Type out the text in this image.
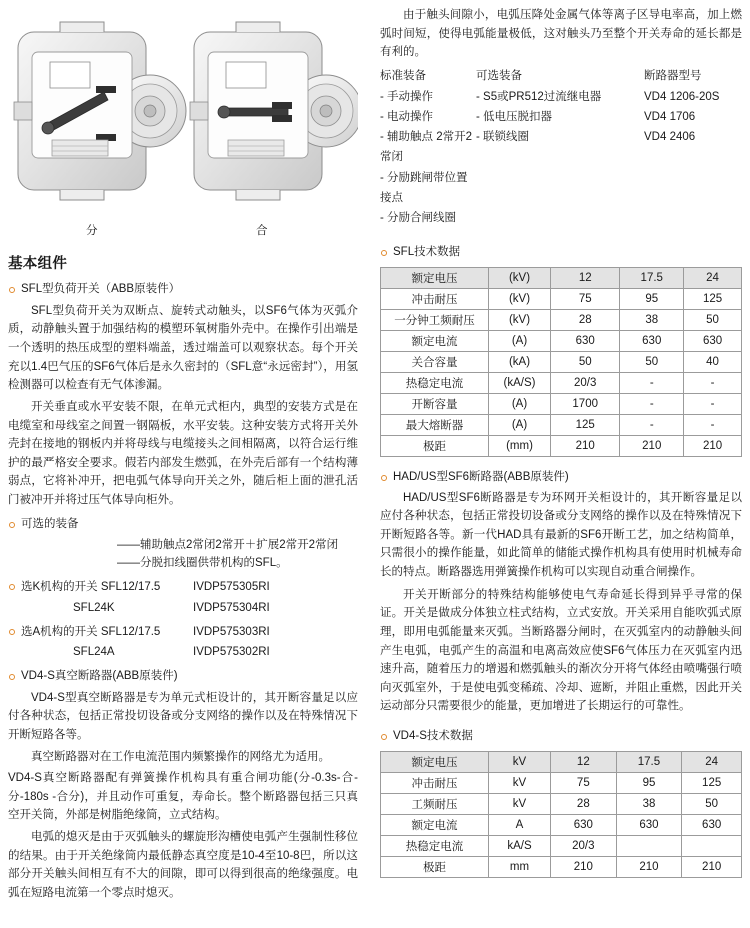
分	合
基本组件
SFL型负荷开关（ABB原装件）

SFL型负荷开关为双断点、旋转式动触头，以SF6气体为灭弧介质，动静触头置于加强结构的模塑环氧树脂外壳中。在操作引出端是一个透明的热压成型的塑料端盖，透过端盖可以观察状态。每个开关充以1.4巴气压的SF6气体后是永久密封的（SFL意“永远密封”），用氢检测器可以检查有无气体渗漏。

开关垂直或水平安装不限，在单元式柜内，典型的安装方式是在电缆室和母线室之间置一钢隔板，水平安装。这种安装方式将开关外壳封在接地的钢板内并将母线与电缆接头之间相隔离，以符合运行维护的最严格安全要求。假若内部发生燃弧，在外壳后部有一个结构薄弱点，它将补冲开，把电弧气体导向开关之外，随后柜上面的泄孔活门被冲开并将过压气体导向柜外。

可选的装备
——辅助触点2常闭2常开＋扩展2常开2常闭
——分脱扣线圈供带机构的SFL。
选K机构的开关 SFL12/17.5	IVDP575305RI
SFL24K	IVDP575304RI
选A机构的开关 SFL12/17.5	IVDP575303RI
SFL24A	IVDP575302RI
VD4-S真空断路器(ABB原装件)

VD4-S型真空断路器是专为单元式柜设计的，其开断容量足以应付各种状态，包括正常投切设备或分支网络的操作以及在特殊情况下开断短路各等。

真空断路器对在工作电流范围内频繁操作的网络尤为适用。

VD4-S真空断路器配有弹簧操作机构具有重合闸功能(分-0.3s-合-分-180s -合分)，并且动作可重复，寿命长。整个断路器包括三只真空开关筒，外部是树脂绝缘筒，立式结构。

电弧的熄灭是由于灭弧触头的螺旋形沟槽使电弧产生强制性移位的结果。由于开关绝缘筒内最低静态真空度是10-4至10-8巴，所以这部分开关触头间相互有不大的间隙，即可以得到很高的绝缘强度。电弧在短路电流第一个零点时熄灭。

由于触头间隙小，电弧压降处金属气体等离子区导电率高，加上燃弧时间短，使得电弧能量极低，这对触头乃至整个开关寿命的延长都是有利的。

标准装备
- 手动操作
- 电动操作
- 辅助触点 2常开2常闭
- 分励跳闸带位置接点
- 分励合闸线圈
可选装备
- S5或PR512过流继电器
- 低电压脱扣器
- 联锁线圈
断路器型号
VD4 1206-20S
VD4 1706
VD4 2406
SFL技术数据
额定电压	(kV)	12	17.5	24
冲击耐压	(kV)	75	95	125
一分钟工频耐压	(kV)	28	38	50
额定电流	(A)	630	630	630
关合容量	(kA)	50	50	40
热稳定电流	(kA/S)	20/3	-	-
开断容量	(A)	1700	-	-
最大熔断器	(A)	125	-	-
极距	(mm)	210	210	210
HAD/US型SF6断路器(ABB原装件)

HAD/US型SF6断路器是专为环网开关柜设计的，其开断容量足以应付各种状态，包括正常投切设备或分支网络的操作以及在特殊情况下开断短路各等。新一代HAD具有最新的SF6开断工艺，加之结构简单，只需很小的操作能量，如此简单的储能式操作机构具有使用时机械寿命长的特点。断路器选用弹簧操作机构可以实现自动重合闸操作。

开关开断部分的特殊结构能够使电气寿命延长得到异乎寻常的保证。开关是做成分体独立柱式结构，立式安放。开关采用自能吹弧式原理，即用电弧能量来灭弧。当断路器分闸时，在灭弧室内的动静触头间产生电弧，电弧产生的高温和电离高效应使SF6气体压力在灭弧室内迅速升高，随着压力的增遏和燃弧触头的渐次分开将气体经由喷嘴强行喷向灭弧室外，于是使电弧变稀疏、冷却、遮断，并阻止重燃，因此开关运动部分只需要很少的能量，更加增进了长期运行的可靠性。

VD4-S技术数据
额定电压	kV	12	17.5	24
冲击耐压	kV	75	95	125
工频耐压	kV	28	38	50
额定电流	A	630	630	630
热稳定电流	kA/S	20/3		
极距	mm	210	210	210
